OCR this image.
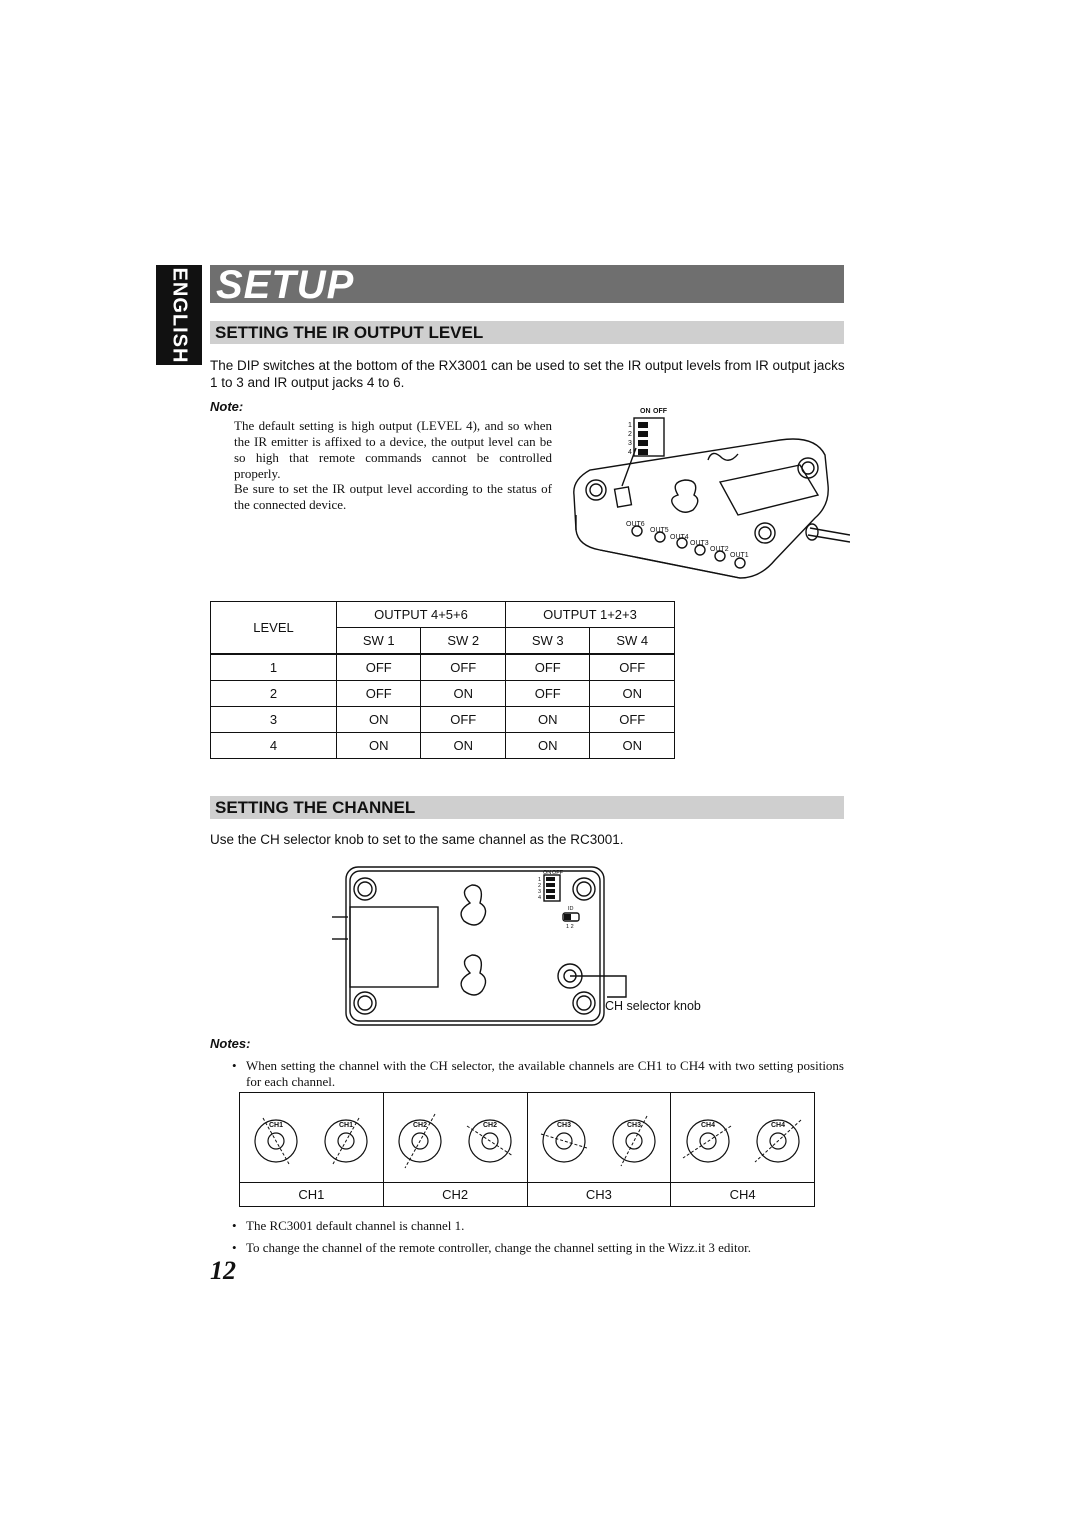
ENGLISH SETUP
SETTING THE IR OUTPUT LEVEL
The DIP switches at the bottom of the RX3001 can be used to set the IR output levels from IR output jacks 1 to 3 and IR output jacks 4 to 6.
Note:
The default setting is high output (LEVEL 4), and so when the IR emitter is affixed to a device, the output level can be so high that remote commands cannot be controlled properly.
Be sure to set the IR output level according to the status of the connected device.
ON OFF
1
2
3
4
OUT6
OUT5
OUT4
OUT3
OUT2
OUT1
LEVEL	OUTPUT 4+5+6		OUTPUT 1+2+3	
	SW 1	SW 2	SW 3	SW 4
1	OFF	OFF	OFF	OFF
2	OFF	ON	OFF	ON
3	ON	OFF	ON	OFF
4	ON	ON	ON	ON
SETTING THE CHANNEL
Use the CH selector knob to set to the same channel as the RC3001.
ON OFF
1
2
3
4
ID
1 2
CH selector knob
Notes:
• When setting the channel with the CH selector, the available channels are CH1 to CH4 with two setting positions for each channel.
CH1 CH1	CH2 CH2	CH3 CH3	CH4 CH4

CH1	CH2	CH3	CH4
• The RC3001 default channel is channel 1.
• To change the channel of the remote controller, change the channel setting in the Wizz.it 3 editor.
12
